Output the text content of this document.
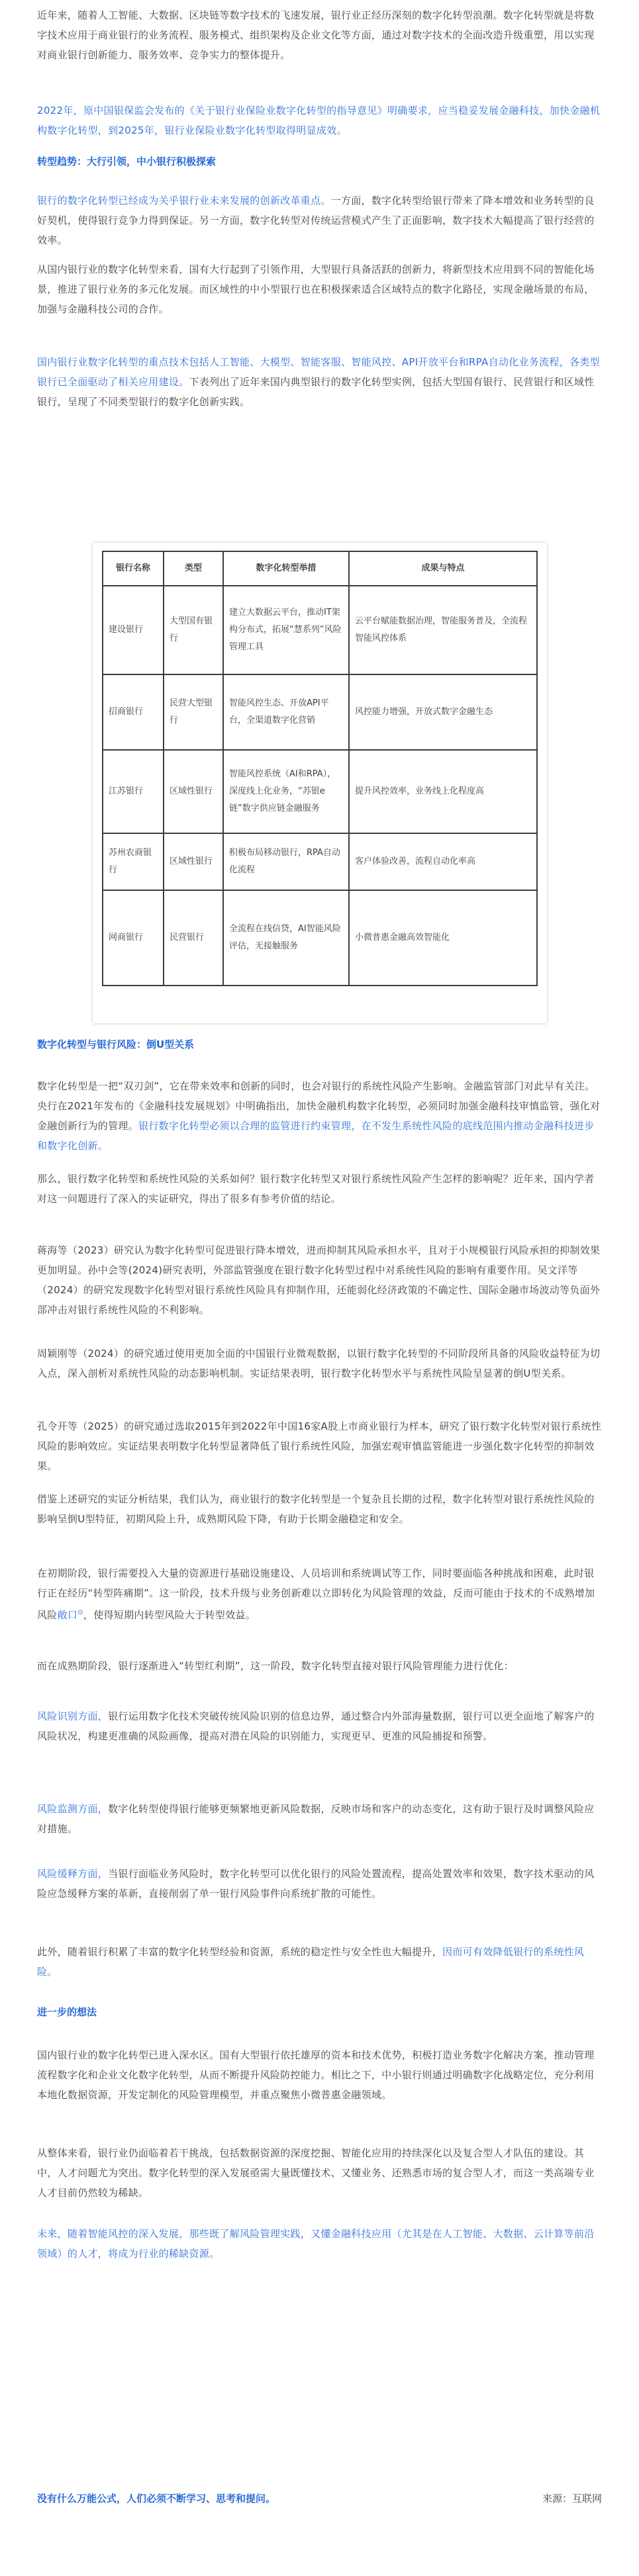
近年来，随着人工智能、大数据、区块链等数字技术的飞速发展，银行业正经历深刻的数字化转型浪潮。数字化转型就是将数字技术应用于商业银行的业务流程、服务模式、组织架构及企业文化等方面，通过对数字技术的全面改造升级重塑，用以实现对商业银行创新能力、服务效率、竞争实力的整体提升。

2022年，原中国银保监会发布的《关于银行业保险业数字化转型的指导意见》明确要求，应当稳妥发展金融科技，加快金融机构数字化转型，到2025年，银行业保险业数字化转型取得明显成效。

转型趋势：大行引领，中小银行积极探索

银行的数字化转型已经成为关乎银行业未来发展的创新改革重点。一方面，数字化转型给银行带来了降本增效和业务转型的良好契机，使得银行竞争力得到保证。另一方面，数字化转型对传统运营模式产生了正面影响，数字技术大幅提高了银行经营的效率。

从国内银行业的数字化转型来看，国有大行起到了引领作用，大型银行具备活跃的创新力，将新型技术应用到不同的智能化场景，推进了银行业务的多元化发展。而区域性的中小型银行也在积极探索适合区域特点的数字化路径，实现金融场景的布局，加强与金融科技公司的合作。

国内银行业数字化转型的重点技术包括人工智能、大模型、智能客服、智能风控、API开放平台和RPA自动化业务流程，各类型银行已全面驱动了相关应用建设。下表列出了近年来国内典型银行的数字化转型实例，包括大型国有银行、民营银行和区域性银行，呈现了不同类型银行的数字化创新实践。

银行名称	类型	数字化转型举措	成果与特点
建设银行	大型国有银行	建立大数据云平台，推动IT架构分布式，拓展“慧系列”风险管理工具	云平台赋能数据治理，智能服务普及，全流程智能风控体系
招商银行	民营大型银行	智能风控生态、开放API平台，全渠道数字化营销	风控能力增强，开放式数字金融生态
江苏银行	区域性银行	智能风控系统（AI和RPA），深度线上化业务，“苏银e链”数字供应链金融服务	提升风控效率，业务线上化程度高
苏州农商银行	区域性银行	积极布局移动银行，RPA自动化流程	客户体验改善，流程自动化率高
网商银行	民营银行	全流程在线信贷，AI智能风险评估，无接触服务	小微普惠金融高效智能化
数字化转型与银行风险：倒U型关系

数字化转型是一把“双刃剑”，它在带来效率和创新的同时，也会对银行的系统性风险产生影响。金融监管部门对此早有关注。央行在2021年发布的《金融科技发展规划》中明确指出，加快金融机构数字化转型，必须同时加强金融科技审慎监管，强化对金融创新行为的管理。银行数字化转型必须以合理的监管进行约束管理，在不发生系统性风险的底线范围内推动金融科技进步和数字化创新。

那么，银行数字化转型和系统性风险的关系如何？银行数字化转型又对银行系统性风险产生怎样的影响呢？近年来，国内学者对这一问题进行了深入的实证研究，得出了很多有参考价值的结论。

蒋海等（2023）研究认为数字化转型可促进银行降本增效，进而抑制其风险承担水平，且对于小规模银行风险承担的抑制效果更加明显。孙中会等(2024)研究表明，外部监管强度在银行数字化转型过程中对系统性风险的影响有重要作用。吴文洋等（2024）的研究发现数字化转型对银行系统性风险具有抑制作用，还能弱化经济政策的不确定性、国际金融市场波动等负面外部冲击对银行系统性风险的不利影响。

周颖刚等（2024）的研究通过使用更加全面的中国银行业微观数据，以银行数字化转型的不同阶段所具备的风险收益特征为切入点，深入剖析对系统性风险的动态影响机制。实证结果表明，银行数字化转型水平与系统性风险呈显著的倒U型关系。

孔令开等（2025）的研究通过选取2015年到2022年中国16家A股上市商业银行为样本，研究了银行数字化转型对银行系统性风险的影响效应。实证结果表明数字化转型显著降低了银行系统性风险，加强宏观审慎监管能进一步强化数字化转型的抑制效果。

借鉴上述研究的实证分析结果，我们认为，商业银行的数字化转型是一个复杂且长期的过程，数字化转型对银行系统性风险的影响呈倒U型特征，初期风险上升，成熟期风险下降，有助于长期金融稳定和安全。

在初期阶段，银行需要投入大量的资源进行基础设施建设、人员培训和系统调试等工作，同时要面临各种挑战和困难，此时银行正在经历“转型阵痛期”。这一阶段，技术升级与业务创新难以立即转化为风险管理的效益，反而可能由于技术的不成熟增加风险敞口⊙，使得短期内转型风险大于转型效益。

而在成熟期阶段，银行逐渐进入“转型红利期”，这一阶段，数字化转型直接对银行风险管理能力进行优化：

风险识别方面，银行运用数字化技术突破传统风险识别的信息边界，通过整合内外部海量数据，银行可以更全面地了解客户的风险状况，构建更准确的风险画像，提高对潜在风险的识别能力，实现更早、更准的风险捕捉和预警。

风险监测方面，数字化转型使得银行能够更频繁地更新风险数据，反映市场和客户的动态变化，这有助于银行及时调整风险应对措施。

风险缓释方面，当银行面临业务风险时，数字化转型可以优化银行的风险处置流程，提高处置效率和效果，数字技术驱动的风险应急缓释方案的革新，直接削弱了单一银行风险事件向系统扩散的可能性。

此外，随着银行积累了丰富的数字化转型经验和资源，系统的稳定性与安全性也大幅提升，因而可有效降低银行的系统性风险。

进一步的想法

国内银行业的数字化转型已进入深水区。国有大型银行依托雄厚的资本和技术优势，积极打造业务数字化解决方案，推动管理流程数字化和企业文化数字化转型，从而不断提升风险防控能力。相比之下，中小银行则通过明确数字化战略定位，充分利用本地化数据资源，开发定制化的风险管理模型，并重点聚焦小微普惠金融领域。

从整体来看，银行业仍面临着若干挑战，包括数据资源的深度挖掘、智能化应用的持续深化以及复合型人才队伍的建设。其中，人才问题尤为突出。数字化转型的深入发展亟需大量既懂技术、又懂业务、还熟悉市场的复合型人才，而这一类高端专业人才目前仍然较为稀缺。

未来，随着智能风控的深入发展，那些既了解风险管理实践，又懂金融科技应用（尤其是在人工智能、大数据、云计算等前沿领域）的人才，将成为行业的稀缺资源。

没有什么万能公式，人们必须不断学习、思考和提问。	来源：互联网
